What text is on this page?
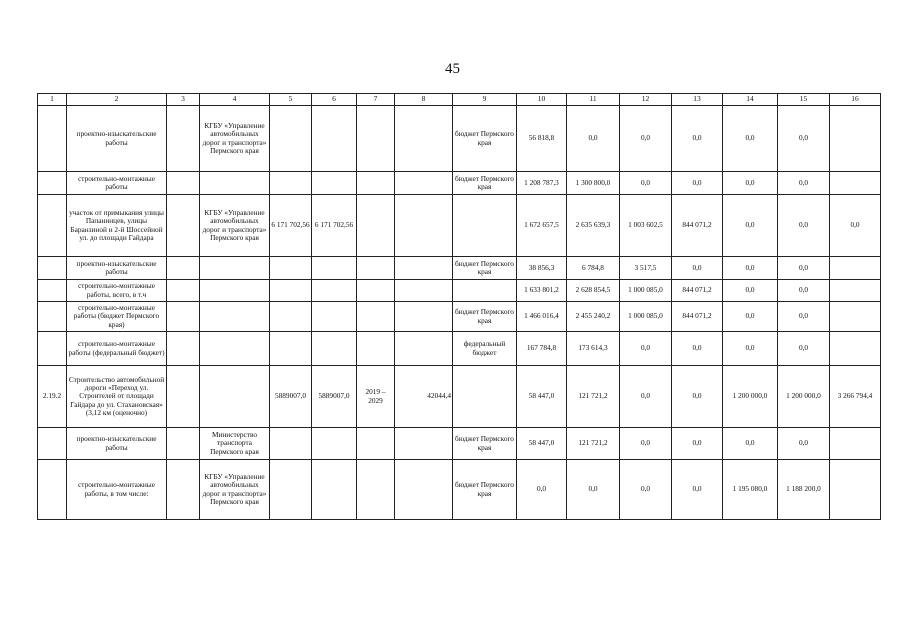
45
1	2	3	4	5	6	7	8	9	10	11	12	13	14	15	16
	проектно-изыскательские работы		КГБУ «Управление автомобильных дорог и транспорта» Пермского края					бюджет Пермского края	56 818,8	0,0	0,0	0,0	0,0	0,0	
	строительно-монтажные работы							бюджет Пермского края	1 208 787,3	1 300 800,0	0,0	0,0	0,0	0,0	
	участок от примыкания улицы Папанинцев, улицы Баранзиной и 2-й Шоссейной ул. до площади Гайдара		КГБУ «Управление автомобильных дорог и транспорта» Пермского края	6 171 702,56	6 171 702,56				1 672 657,5	2 635 639,3	1 003 602,5	844 071,2	0,0	0,0	0,0
	проектно-изыскательские работы							бюджет Пермского края	38 856,3	6 784,8	3 517,5	0,0	0,0	0,0	
	строительно-монтажные работы, всего, в т.ч								1 633 801,2	2 628 854,5	1 000 085,0	844 071,2	0,0	0,0	
	строительно-монтажные работы (бюджет Пермского края)							бюджет Пермского края	1 466 016,4	2 455 240,2	1 000 085,0	844 071,2	0,0	0,0	
	строительно-монтажные работы (федеральный бюджет)							федеральный бюджет	167 784,8	173 614,3	0,0	0,0	0,0	0,0	
2.19.2	Строительство автомобильной дороги «Переход ул. Строителей от площади Гайдара до ул. Стахановская» (3,12 км (оценочно)			5889007,0	5889007,0	2019 – 2029	42044,4		58 447,0	121 721,2	0,0	0,0	1 200 000,0	1 200 000,0	3 266 794,4
	проектно-изыскательские работы		Министерство транспорта Пермского края					бюджет Пермского края	58 447,0	121 721,2	0,0	0,0	0,0	0,0	
	строительно-монтажные работы, в том числе:		КГБУ «Управление автомобильных дорог и транспорта» Пермского края					бюджет Пермского края	0,0	0,0	0,0	0,0	1 195 080,0	1 188 200,0	
